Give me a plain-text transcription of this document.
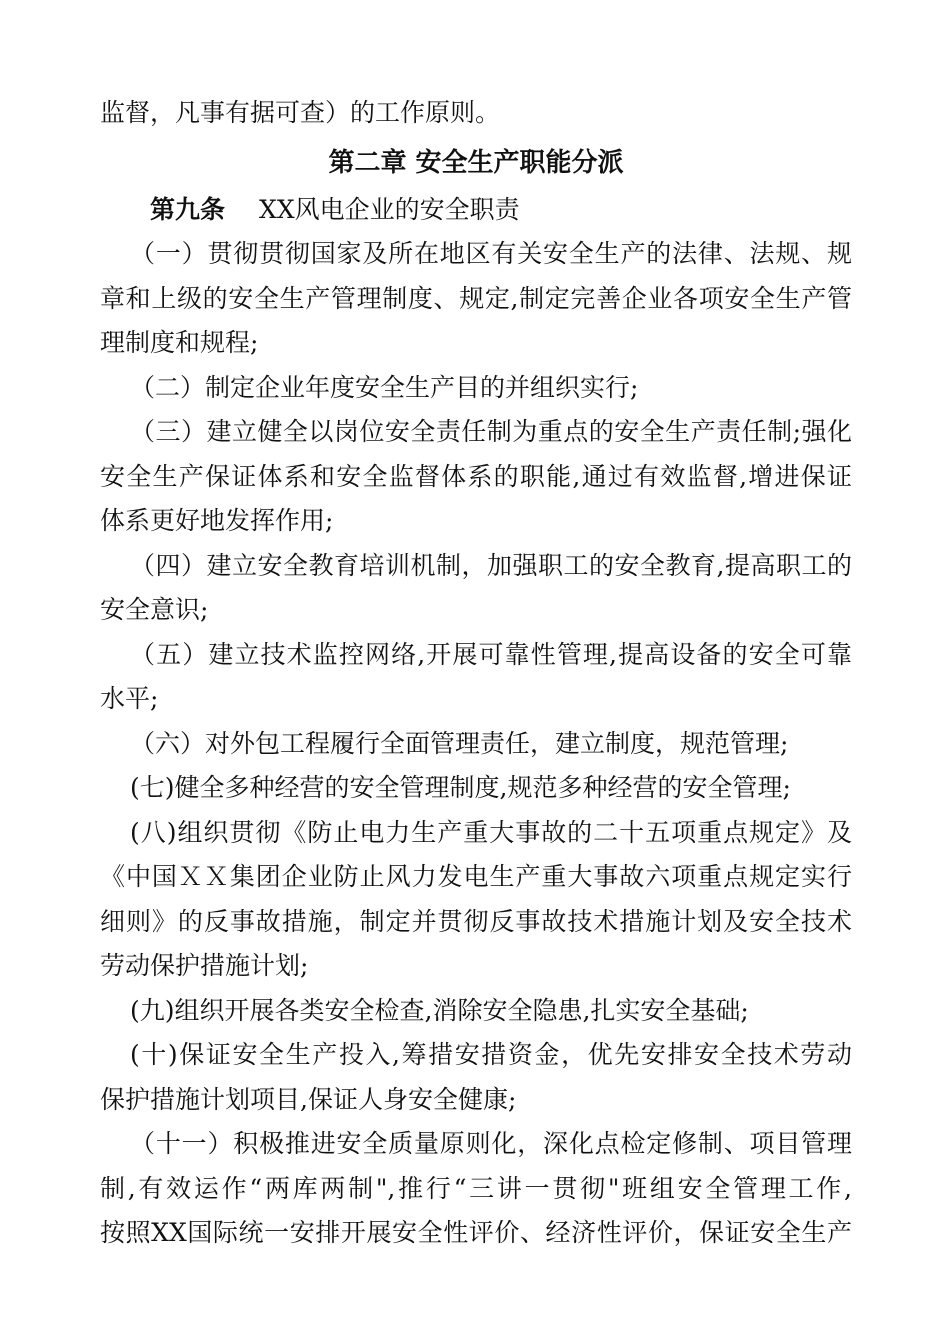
监督，凡事有据可查）的工作原则。
第二章 安全生产职能分派
第九条 XX风电企业的安全职责
（一）贯彻贯彻国家及所在地区有关安全生产的法律、法规、规
章和上级的安全生产管理制度、规定,制定完善企业各项安全生产管
理制度和规程;
（二）制定企业年度安全生产目的并组织实行;
（三）建立健全以岗位安全责任制为重点的安全生产责任制;强化
安全生产保证体系和安全监督体系的职能,通过有效监督,增进保证
体系更好地发挥作用;
（四）建立安全教育培训机制，加强职工的安全教育,提高职工的
安全意识;
（五）建立技术监控网络,开展可靠性管理,提高设备的安全可靠
水平;
（六）对外包工程履行全面管理责任，建立制度，规范管理;
(七)健全多种经营的安全管理制度,规范多种经营的安全管理;
(八)组织贯彻《防止电力生产重大事故的二十五项重点规定》及
《中国ＸＸ集团企业防止风力发电生产重大事故六项重点规定实行
细则》的反事故措施，制定并贯彻反事故技术措施计划及安全技术
劳动保护措施计划;
(九)组织开展各类安全检查,消除安全隐患,扎实安全基础;
(十)保证安全生产投入,筹措安措资金，优先安排安全技术劳动
保护措施计划项目,保证人身安全健康;
（十一）积极推进安全质量原则化，深化点检定修制、项目管理
制,有效运作“两库两制",推行“三讲一贯彻"班组安全管理工作,
按照XX国际统一安排开展安全性评价、经济性评价，保证安全生产
